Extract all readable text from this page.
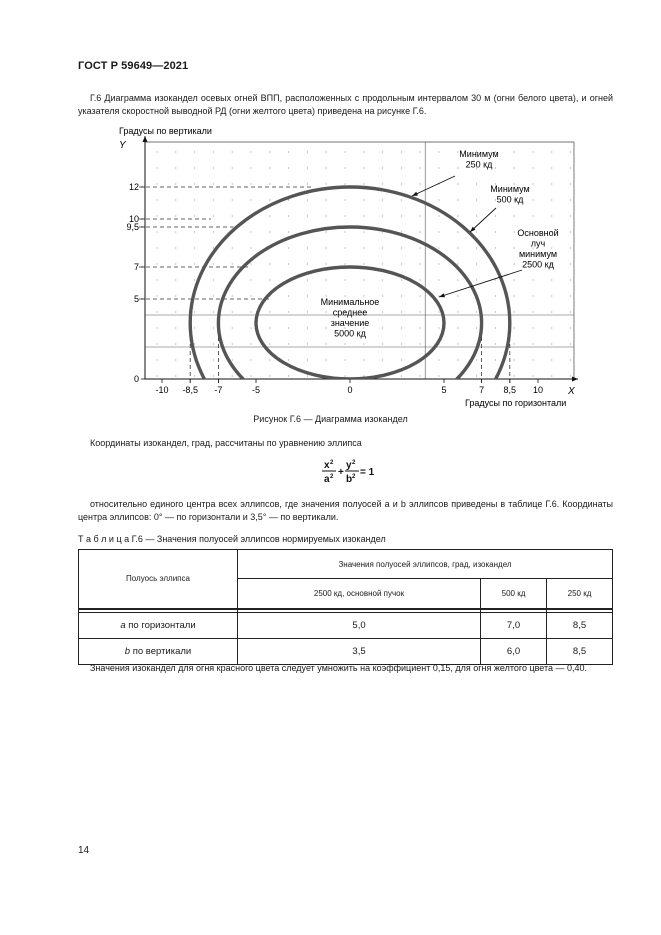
ГОСТ Р 59649—2021
Г.6 Диаграмма изокандел осевых огней ВПП, расположенных с продольным интервалом 30 м (огни белого цвета), и огней указателя скоростной выводной РД (огни желтого цвета) приведена на рисунке Г.6.
-10 -8,5 -7	-5	0	5	7 8,5 10
0
5
7
9,5
10
12
X
Y
Градусы по вертикали
Градусы по горизонтали
Минимум
250 кд
Минимум
500 кд
Основной
луч
минимум
2500 кд
Минимальное
среднее
значение
5000 кд
Рисунок Г.6 — Диаграмма изокандел
Координаты изокандел, град, рассчитаны по уравнению эллипса
x 2
a 2 +
y 2
b 2 = 1
относительно единого центра всех эллипсов, где значения полуосей a и b эллипсов приведены в таблице Г.6. Координаты центра эллипсов: 0° — по горизонтали и 3,5° — по вертикали.
Т а б л и ц а Г.6 — Значения полуосей эллипсов нормируемых изокандел
Полуось эллипса	Значения полуосей эллипсов, град, изокандел		
	2500 кд, основной пучок	500 кд	250 кд

a по горизонтали	5,0	7,0	8,5
b по вертикали	3,5	6,0	8,5
Значения изокандел для огня красного цвета следует умножить на коэффициент 0,15, для огня желтого цвета — 0,40.
14
